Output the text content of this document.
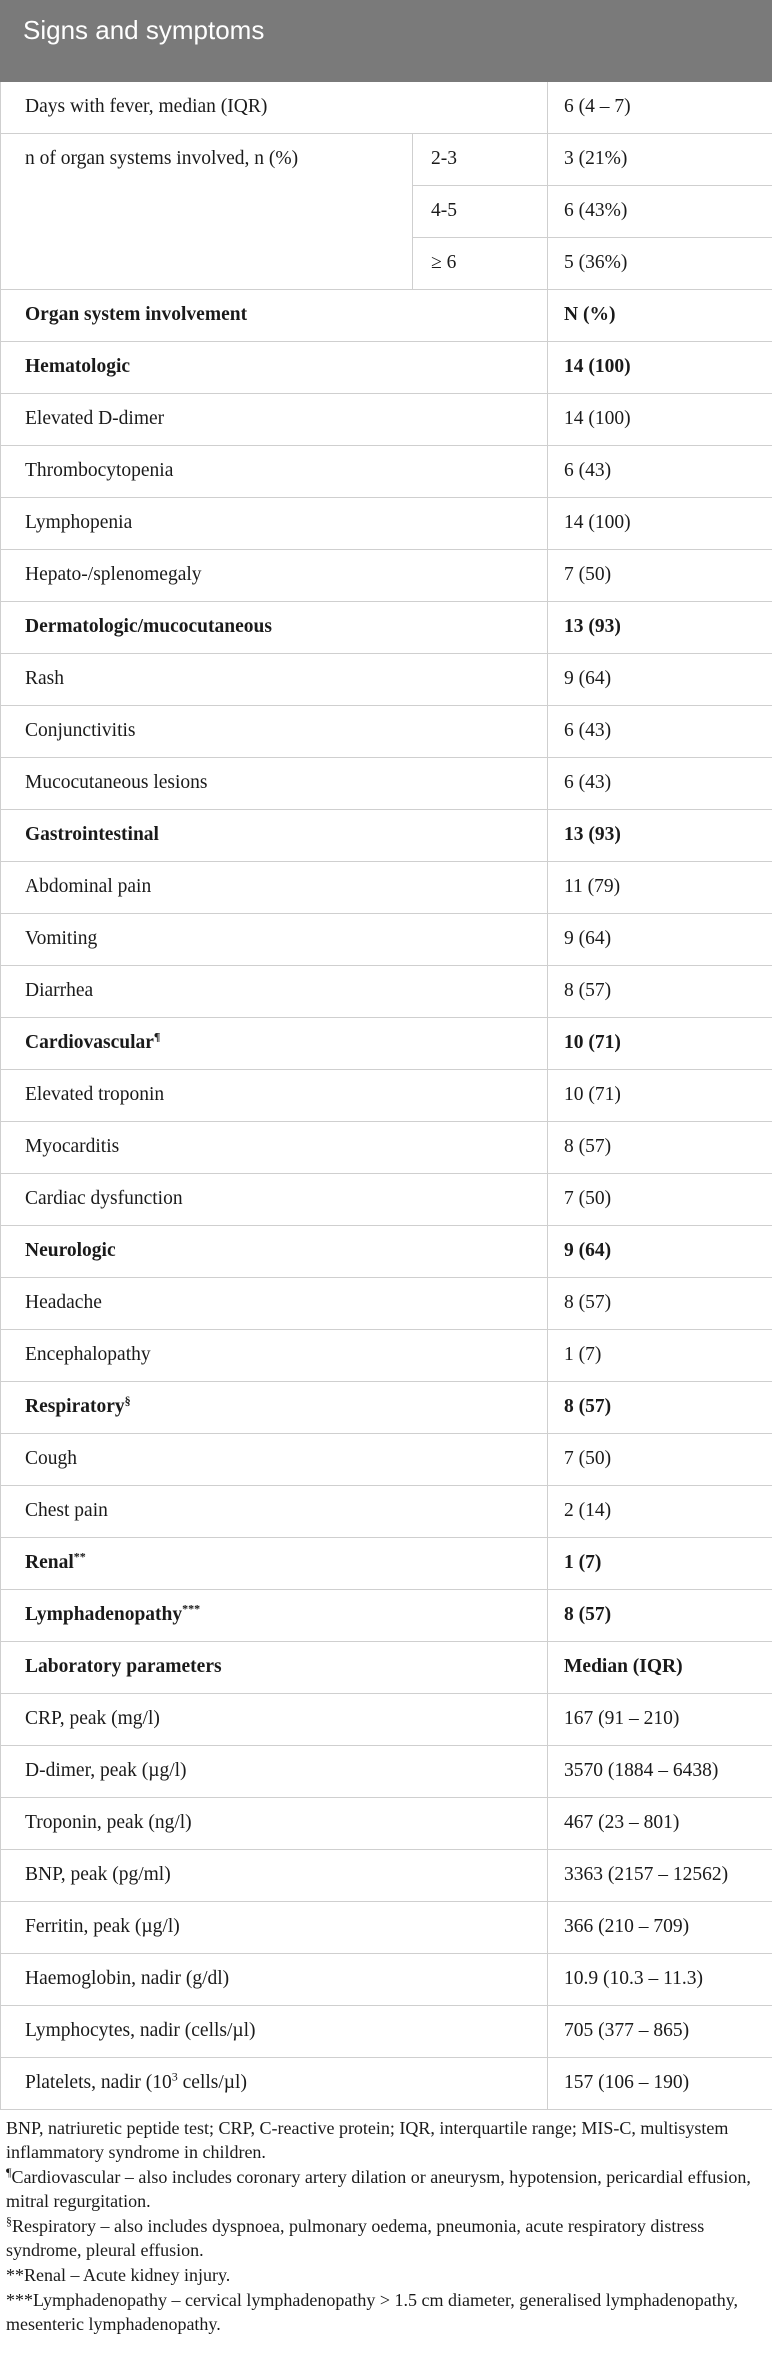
Signs and symptoms		
Days with fever, median (IQR)		6 (4 – 7)
n of organ systems involved, n (%)	2-3	3 (21%)
	4-5	6 (43%)
	≥ 6	5 (36%)
Organ system involvement		N (%)
Hematologic		14 (100)
Elevated D-dimer		14 (100)
Thrombocytopenia		6 (43)
Lymphopenia		14 (100)
Hepato-/splenomegaly		7 (50)
Dermatologic/mucocutaneous		13 (93)
Rash		9 (64)
Conjunctivitis		6 (43)
Mucocutaneous lesions		6 (43)
Gastrointestinal		13 (93)
Abdominal pain		11 (79)
Vomiting		9 (64)
Diarrhea		8 (57)
Cardiovascular¶		10 (71)
Elevated troponin		10 (71)
Myocarditis		8 (57)
Cardiac dysfunction		7 (50)
Neurologic		9 (64)
Headache		8 (57)
Encephalopathy		1 (7)
Respiratory§		8 (57)
Cough		7 (50)
Chest pain		2 (14)
Renal**		1 (7)
Lymphadenopathy***		8 (57)
Laboratory parameters		Median (IQR)
CRP, peak (mg/l)		167 (91 – 210)
D-dimer, peak (µg/l)		3570 (1884 – 6438)
Troponin, peak (ng/l)		467 (23 – 801)
BNP, peak (pg/ml)		3363 (2157 – 12562)
Ferritin, peak (µg/l)		366 (210 – 709)
Haemoglobin, nadir (g/dl)		10.9 (10.3 – 11.3)
Lymphocytes, nadir (cells/µl)		705 (377 – 865)
Platelets, nadir ($10^3$ cells/µl)		157 (106 – 190)

BNP, natriuretic peptide test; CRP, C-reactive protein; IQR, interquartile range; MIS-C, multisystem inflammatory syndrome in children.

¶Cardiovascular – also includes coronary artery dilation or aneurysm, hypotension, pericardial effusion, mitral regurgitation.

§Respiratory – also includes dyspnoea, pulmonary oedema, pneumonia, acute respiratory distress syndrome, pleural effusion.

**Renal – Acute kidney injury.

***Lymphadenopathy – cervical lymphadenopathy > 1.5 cm diameter, generalised lymphadenopathy, mesenteric lymphadenopathy.
